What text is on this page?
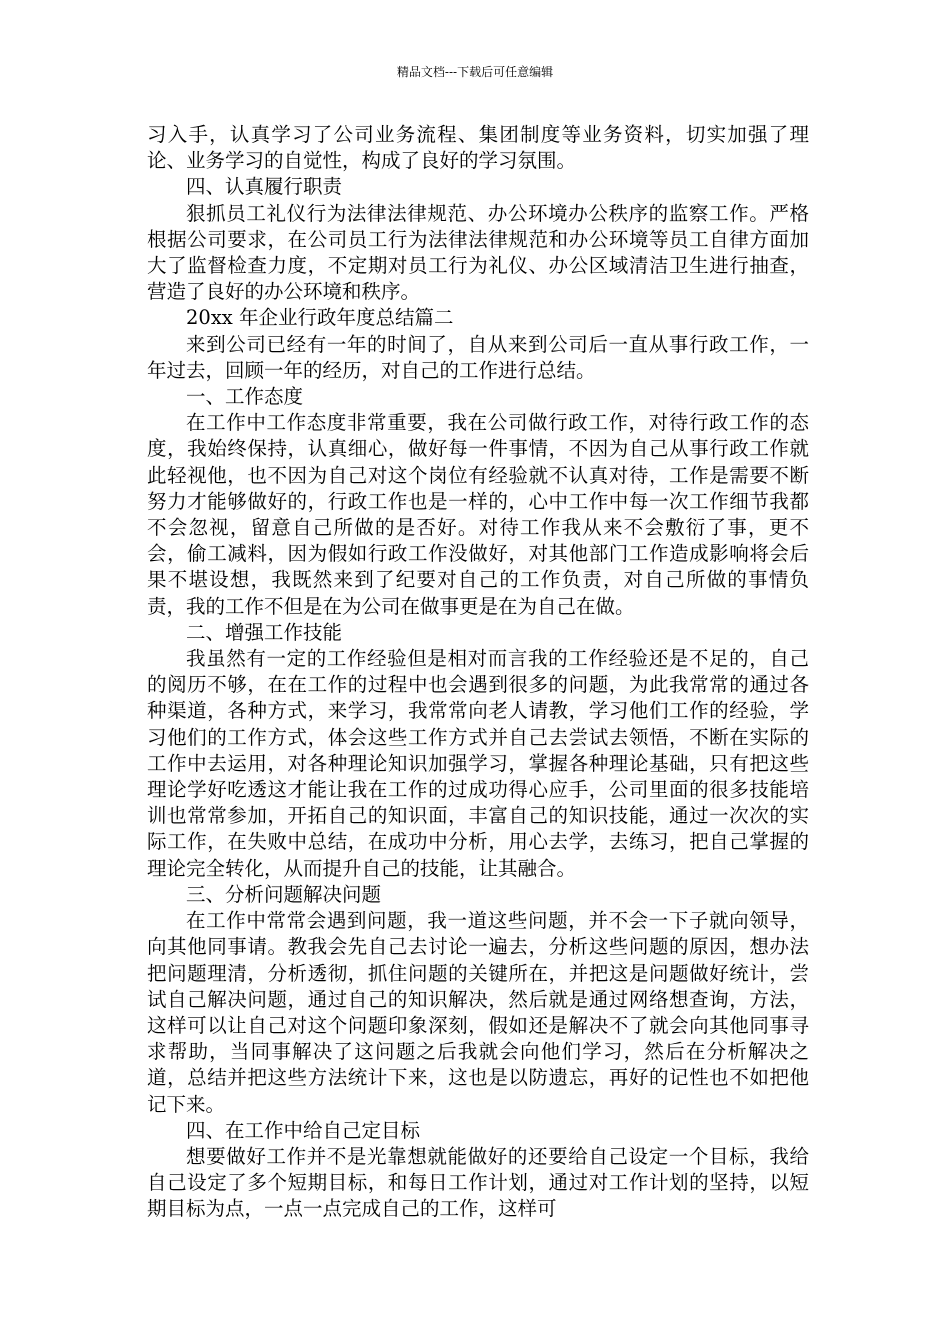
精品文档---下载后可任意编辑

习入手，认真学习了公司业务流程、集团制度等业务资料，切实加强了理论、业务学习的自觉性，构成了良好的学习氛围。

四、认真履行职责

狠抓员工礼仪行为法律法律规范、办公环境办公秩序的监察工作。严格根据公司要求，在公司员工行为法律法律规范和办公环境等员工自律方面加大了监督检查力度，不定期对员工行为礼仪、办公区域清洁卫生进行抽查，营造了良好的办公环境和秩序。

20xx 年企业行政年度总结篇二

来到公司已经有一年的时间了，自从来到公司后一直从事行政工作，一年过去，回顾一年的经历，对自己的工作进行总结。

一、工作态度

在工作中工作态度非常重要，我在公司做行政工作，对待行政工作的态度，我始终保持，认真细心，做好每一件事情，不因为自己从事行政工作就此轻视他，也不因为自己对这个岗位有经验就不认真对待，工作是需要不断努力才能够做好的，行政工作也是一样的，心中工作中每一次工作细节我都不会忽视，留意自己所做的是否好。对待工作我从来不会敷衍了事，更不会，偷工减料，因为假如行政工作没做好，对其他部门工作造成影响将会后果不堪设想，我既然来到了纪要对自己的工作负责，对自己所做的事情负责，我的工作不但是在为公司在做事更是在为自己在做。

二、增强工作技能

我虽然有一定的工作经验但是相对而言我的工作经验还是不足的，自己的阅历不够，在在工作的过程中也会遇到很多的问题，为此我常常的通过各种渠道，各种方式，来学习，我常常向老人请教，学习他们工作的经验，学习他们的工作方式，体会这些工作方式并自己去尝试去领悟，不断在实际的工作中去运用，对各种理论知识加强学习，掌握各种理论基础，只有把这些理论学好吃透这才能让我在工作的过成功得心应手，公司里面的很多技能培训也常常参加，开拓自己的知识面，丰富自己的知识技能，通过一次次的实际工作，在失败中总结，在成功中分析，用心去学，去练习，把自己掌握的理论完全转化，从而提升自己的技能，让其融合。

三、分析问题解决问题

在工作中常常会遇到问题，我一道这些问题，并不会一下子就向领导，向其他同事请。教我会先自己去讨论一遍去，分析这些问题的原因，想办法把问题理清，分析透彻，抓住问题的关键所在，并把这是问题做好统计，尝试自己解决问题，通过自己的知识解决，然后就是通过网络想查询，方法，这样可以让自己对这个问题印象深刻，假如还是解决不了就会向其他同事寻求帮助，当同事解决了这问题之后我就会向他们学习，然后在分析解决之道，总结并把这些方法统计下来，这也是以防遗忘，再好的记性也不如把他记下来。

四、在工作中给自己定目标

想要做好工作并不是光靠想就能做好的还要给自己设定一个目标，我给自己设定了多个短期目标，和每日工作计划，通过对工作计划的坚持，以短期目标为点，一点一点完成自己的工作，这样可
